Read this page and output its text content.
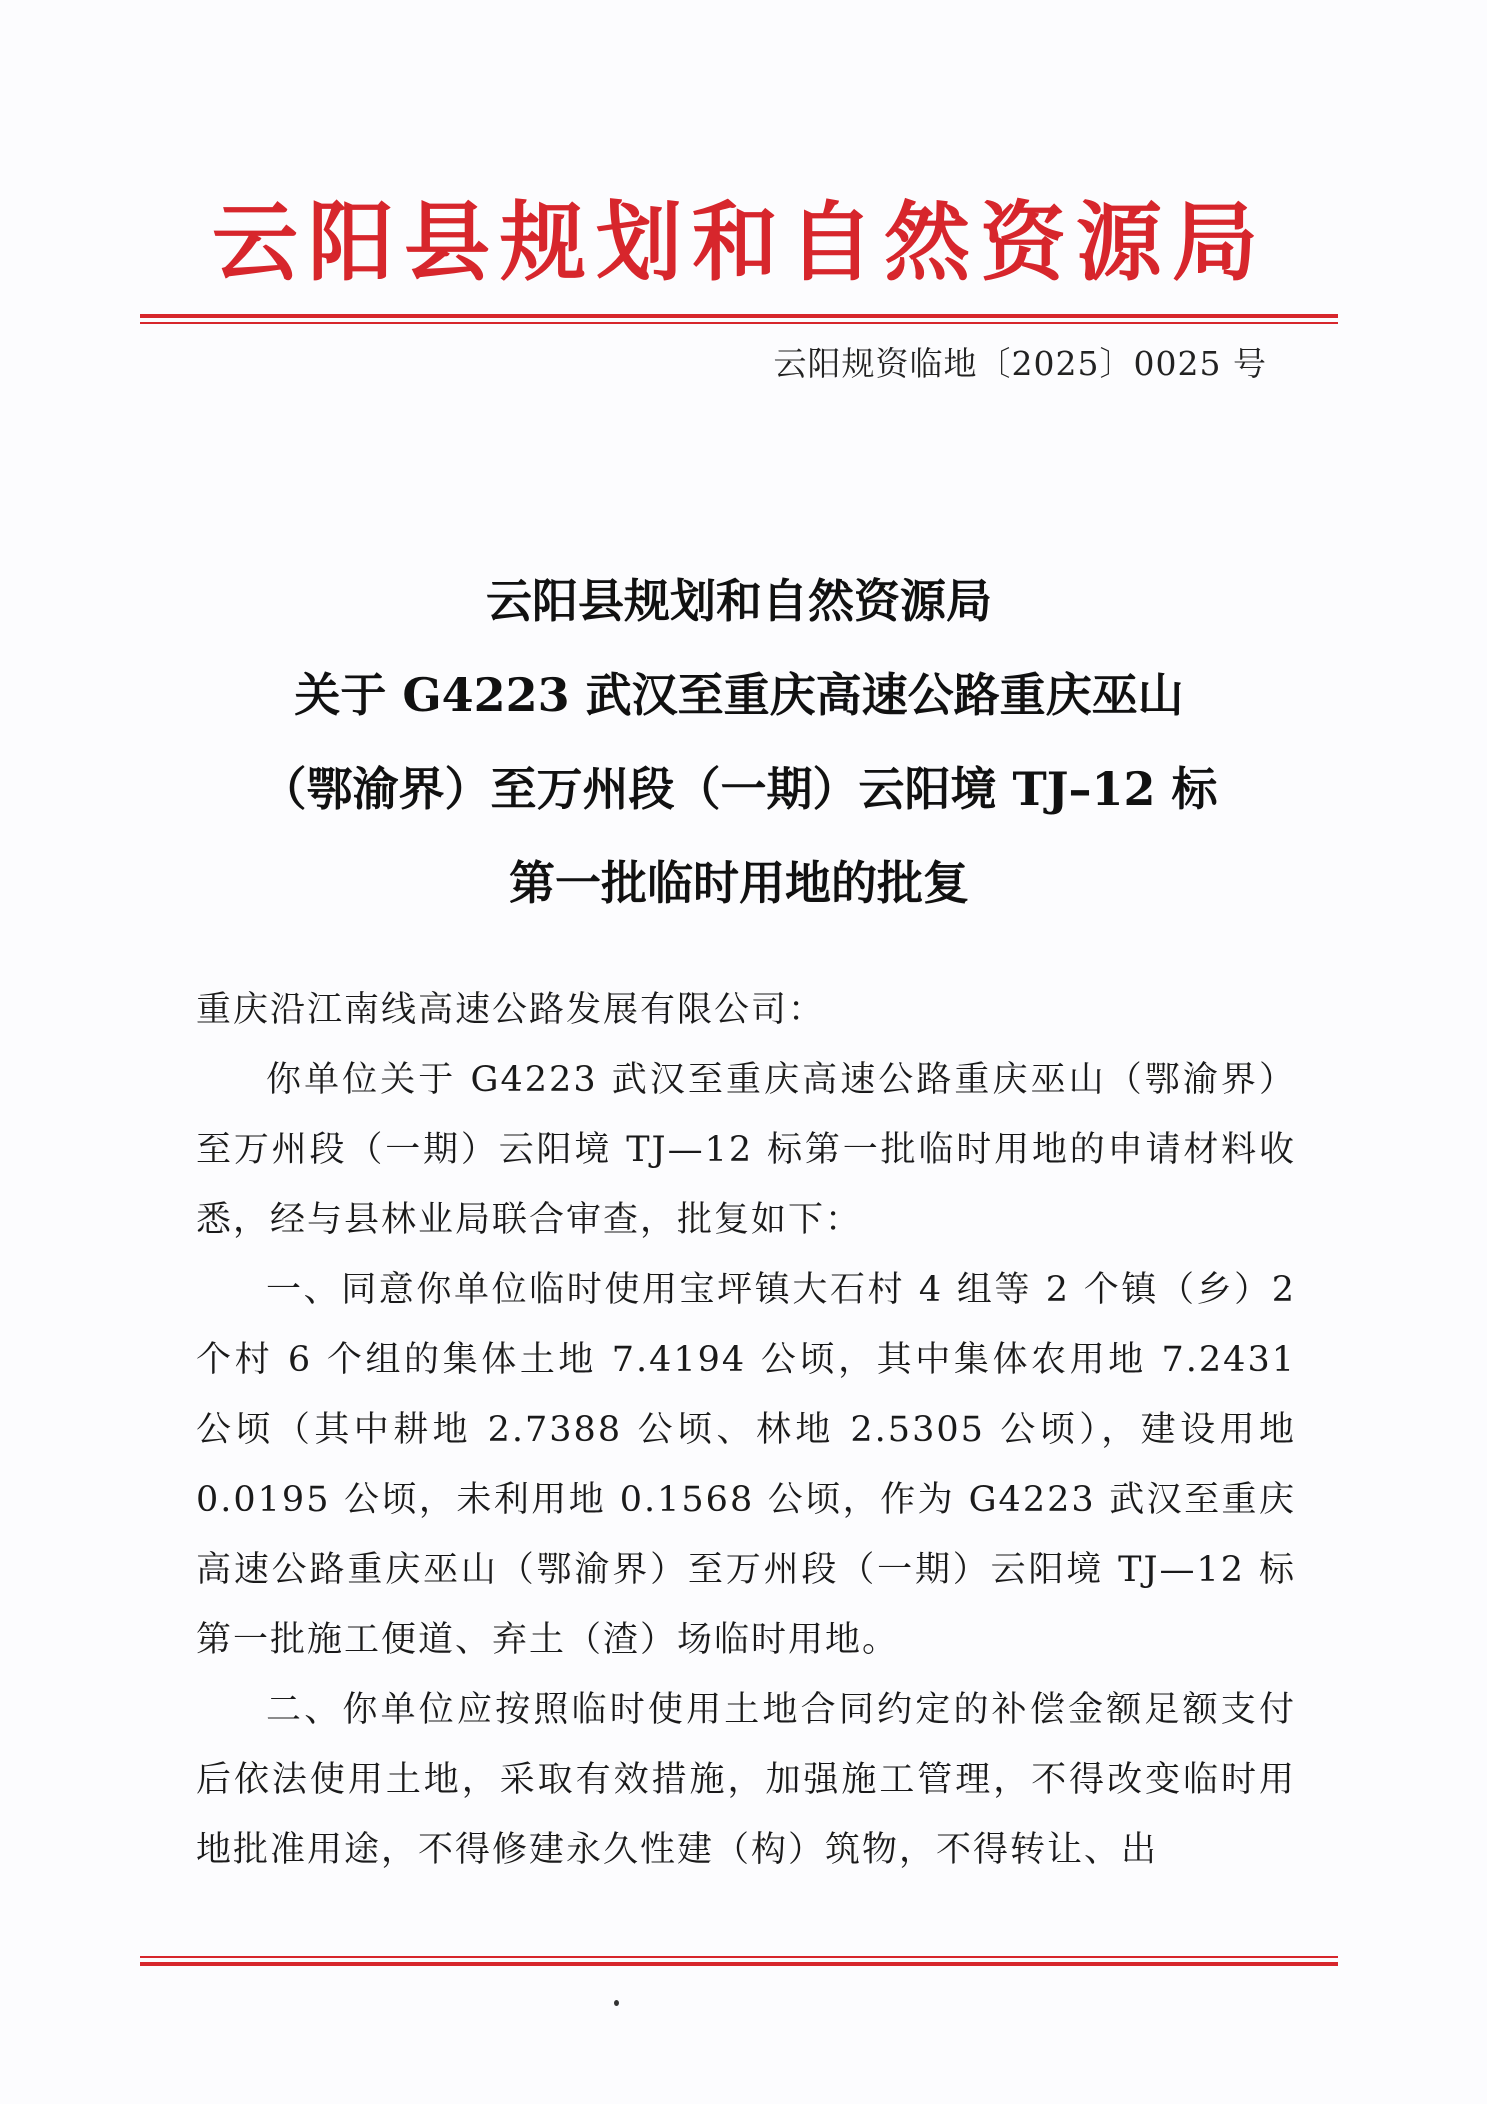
云阳县规划和自然资源局
云阳规资临地〔2025〕0025 号
云阳县规划和自然资源局
关于 G4223 武汉至重庆高速公路重庆巫山
（鄂渝界）至万州段（一期）云阳境 TJ–12 标
第一批临时用地的批复

重庆沿江南线高速公路发展有限公司：

你单位关于 G4223 武汉至重庆高速公路重庆巫山（鄂渝界）至万州段（一期）云阳境 TJ—12 标第一批临时用地的申请材料收悉，经与县林业局联合审查，批复如下：

一、同意你单位临时使用宝坪镇大石村 4 组等 2 个镇（乡）2 个村 6 个组的集体土地 7.4194 公顷，其中集体农用地 7.2431 公顷（其中耕地 2.7388 公顷、林地 2.5305 公顷），建设用地 0.0195 公顷，未利用地 0.1568 公顷，作为 G4223 武汉至重庆高速公路重庆巫山（鄂渝界）至万州段（一期）云阳境 TJ—12 标第一批施工便道、弃土（渣）场临时用地。

二、你单位应按照临时使用土地合同约定的补偿金额足额支付后依法使用土地，采取有效措施，加强施工管理，不得改变临时用地批准用途，不得修建永久性建（构）筑物，不得转让、出
